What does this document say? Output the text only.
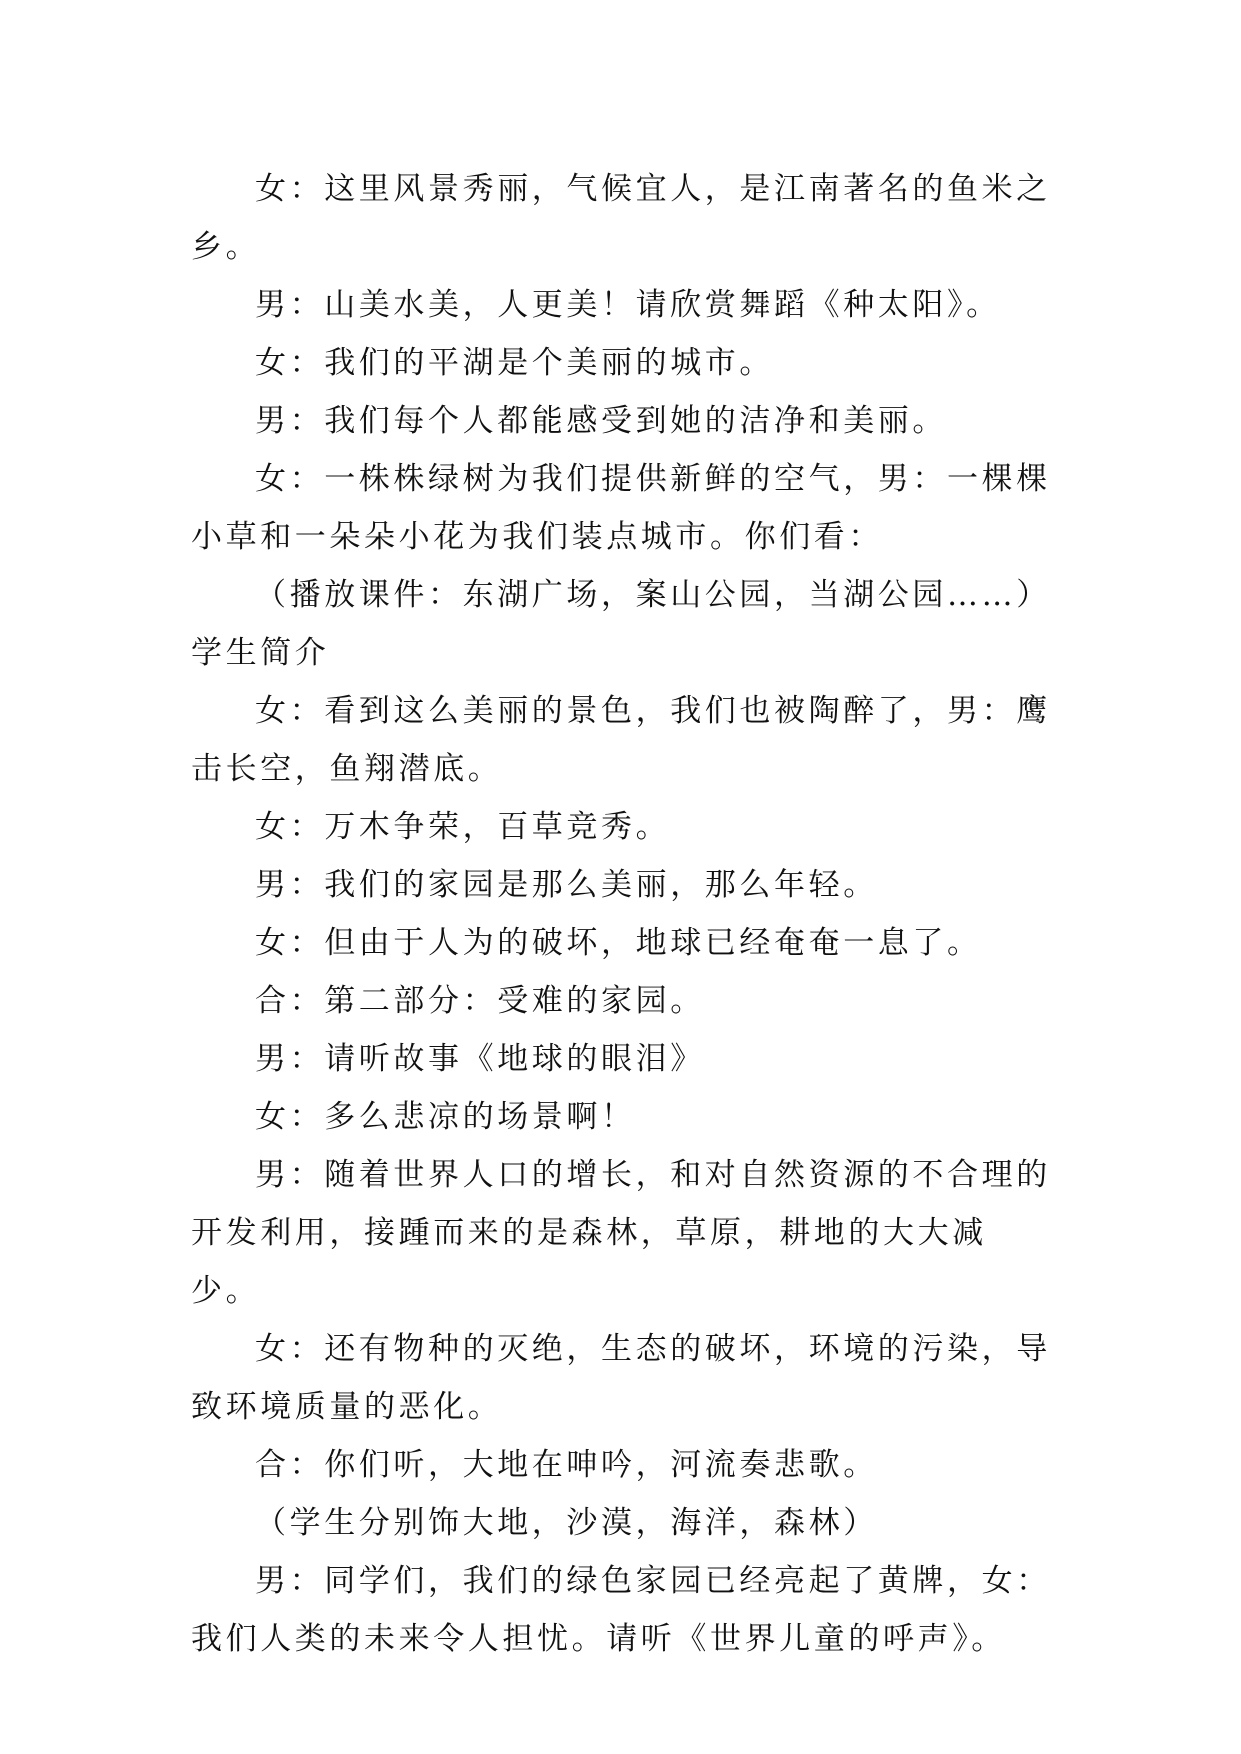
女：这里风景秀丽，气候宜人，是江南著名的鱼米之乡。

男：山美水美，人更美！请欣赏舞蹈《种太阳》。

女：我们的平湖是个美丽的城市。

男：我们每个人都能感受到她的洁净和美丽。

女：一株株绿树为我们提供新鲜的空气，男：一棵棵小草和一朵朵小花为我们装点城市。你们看：

（播放课件：东湖广场，案山公园，当湖公园……）学生简介

女：看到这么美丽的景色，我们也被陶醉了，男：鹰击长空，鱼翔潜底。

女：万木争荣，百草竞秀。

男：我们的家园是那么美丽，那么年轻。

女：但由于人为的破坏，地球已经奄奄一息了。

合：第二部分：受难的家园。

男：请听故事《地球的眼泪》

女：多么悲凉的场景啊！

男：随着世界人口的增长，和对自然资源的不合理的开发利用，接踵而来的是森林，草原，耕地的大大减少。

女：还有物种的灭绝，生态的破坏，环境的污染，导致环境质量的恶化。

合：你们听，大地在呻吟，河流奏悲歌。

（学生分别饰大地，沙漠，海洋，森林）

男：同学们，我们的绿色家园已经亮起了黄牌，女：我们人类的未来令人担忧。请听《世界儿童的呼声》。
